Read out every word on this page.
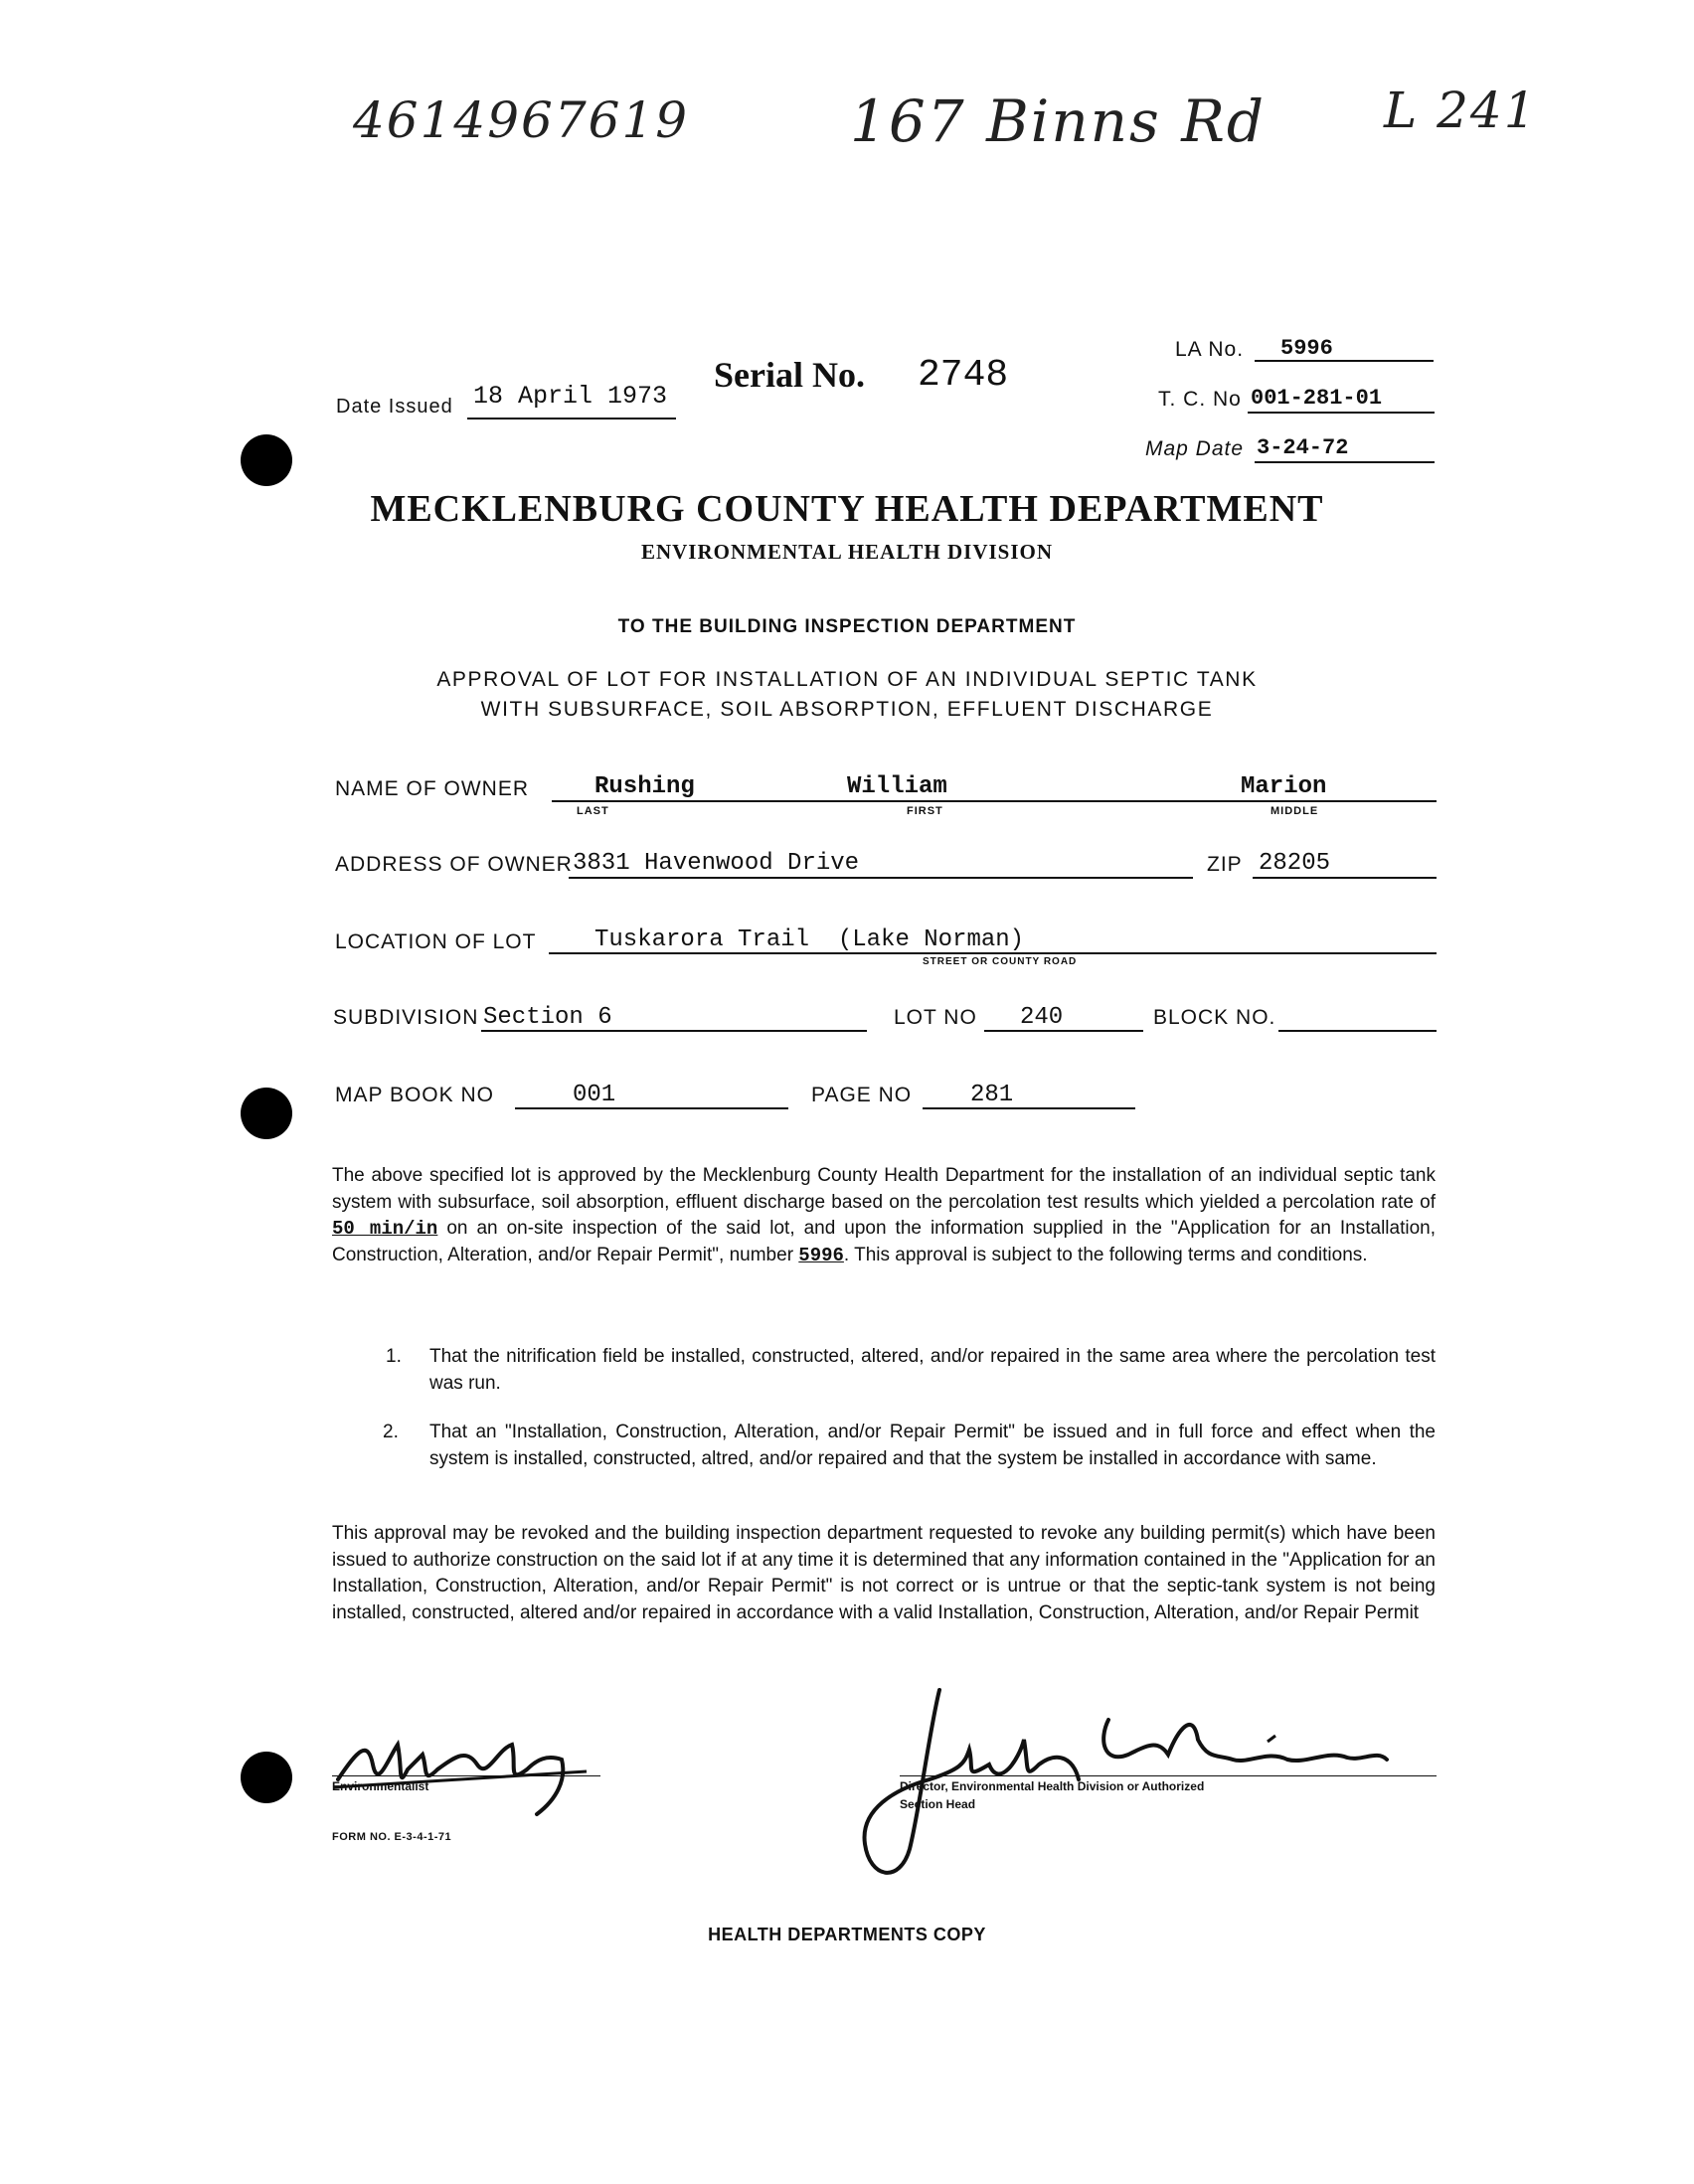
4614967619	167 Binns Rd L 241
Date Issued 18 April 1973
Serial No. 2748
LA No. 5996
T. C. No 001-281-01
Map Date 3-24-72
MECKLENBURG COUNTY HEALTH DEPARTMENT
ENVIRONMENTAL HEALTH DIVISION
TO THE BUILDING INSPECTION DEPARTMENT
APPROVAL OF LOT FOR INSTALLATION OF AN INDIVIDUAL SEPTIC TANK
WITH SUBSURFACE, SOIL ABSORPTION, EFFLUENT DISCHARGE
NAME OF OWNER	Rushing	William	Marion
LAST	FIRST	MIDDLE
ADDRESS OF OWNER 3831 Havenwood Drive	ZIP 28205
LOCATION OF LOT Tuskarora Trail  (Lake Norman)
STREET OR COUNTY ROAD
SUBDIVISION Section 6	LOT NO 240	BLOCK NO.
MAP BOOK NO	001	PAGE NO 281

The above specified lot is approved by the Mecklenburg County Health Department for the installation of an individual septic tank system with subsurface, soil absorption, effluent discharge based on the percolation test results which yielded a percolation rate of 50 min/in on an on-site inspection of the said lot, and upon the information supplied in the "Application for an Installation, Construction, Alteration, and/or Repair Permit", number 5996. This approval is subject to the following terms and conditions.

1. That the nitrification field be installed, constructed, altered, and/or repaired in the same area where the percolation test was run.
2. That an "Installation, Construction, Alteration, and/or Repair Permit" be issued and in full force and effect when the system is installed, constructed, altred, and/or repaired and that the system be installed in accordance with same.
This approval may be revoked and the building inspection department requested to revoke any building permit(s) which have been issued to authorize construction on the said lot if at any time it is determined that any information contained in the "Application for an Installation, Construction, Alteration, and/or Repair Permit" is not correct or is untrue or that the septic-tank system is not being installed, constructed, altered and/or repaired in accordance with a valid Installation, Construction, Alteration, and/or Repair Permit
Environmentalist
FORM NO. E-3-4-1-71
Director, Environmental Health Division or Authorized
Section Head
HEALTH DEPARTMENTS COPY
